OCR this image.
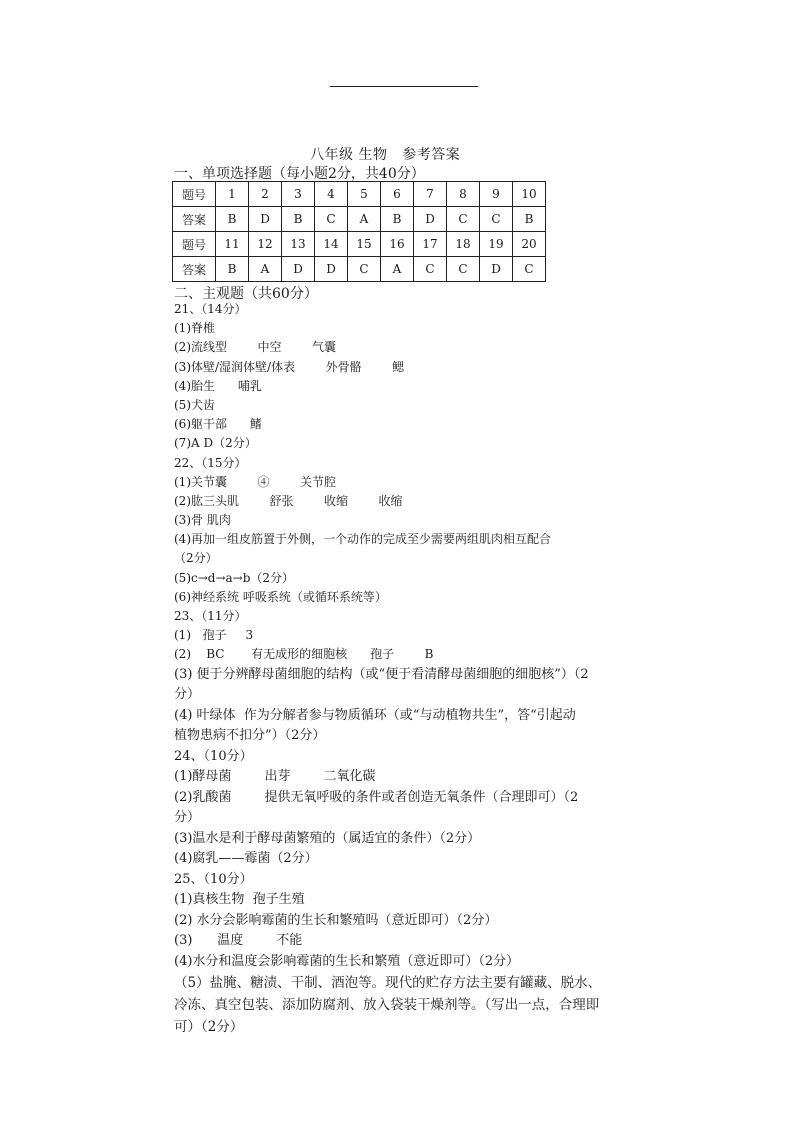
八年级 生物   参考答案
一、单项选择题（每小题2分，共40分）
题号	1	2	3	4	5	6	7	8	9	10
答案	B	D	B	C	A	B	D	C	C	B
题号	11	12	13	14	15	16	17	18	19	20
答案	B	A	D	D	C	A	C	C	D	C
二、主观题（共60分）
21、（14分）
(1)脊椎
(2)流线型        中空        气囊
(3)体壁/湿润体壁/体表        外骨骼        鳃
(4)胎生      哺乳
(5)犬齿
(6)躯干部      鳍
(7)A D（2分）
22、（15分）
(1)关节囊        ④        关节腔
(2)肱三头肌        舒张        收缩        收缩
(3)骨 肌肉
(4)再加一组皮筋置于外侧，一个动作的完成至少需要两组肌肉相互配合
（2分）
(5)c→d→a→b（2分）
(6)神经系统 呼吸系统（或循环系统等）
23、（11分）
(1)   孢子     3
(2)    BC       有无成形的细胞核      孢子        B
(3) 便于分辨酵母菌细胞的结构（或“便于看清酵母菌细胞的细胞核”）（2
分）
(4) 叶绿体  作为分解者参与物质循环（或“与动植物共生”，答“引起动
植物患病不扣分”）（2分）
24、（10分）
(1)酵母菌        出芽        二氧化碳
(2)乳酸菌        提供无氧呼吸的条件或者创造无氧条件（合理即可）（2
分）
(3)温水是利于酵母菌繁殖的（属适宜的条件）（2分）
(4)腐乳——霉菌（2分）
25、（10分）
(1)真核生物  孢子生殖
(2) 水分会影响霉菌的生长和繁殖吗（意近即可）（2分）
(3)      温度        不能
(4)水分和温度会影响霉菌的生长和繁殖（意近即可）（2分）
（5）盐腌、糖渍、干制、酒泡等。现代的贮存方法主要有罐藏、脱水、
冷冻、真空包装、添加防腐剂、放入袋装干燥剂等。（写出一点，合理即
可）（2分）
